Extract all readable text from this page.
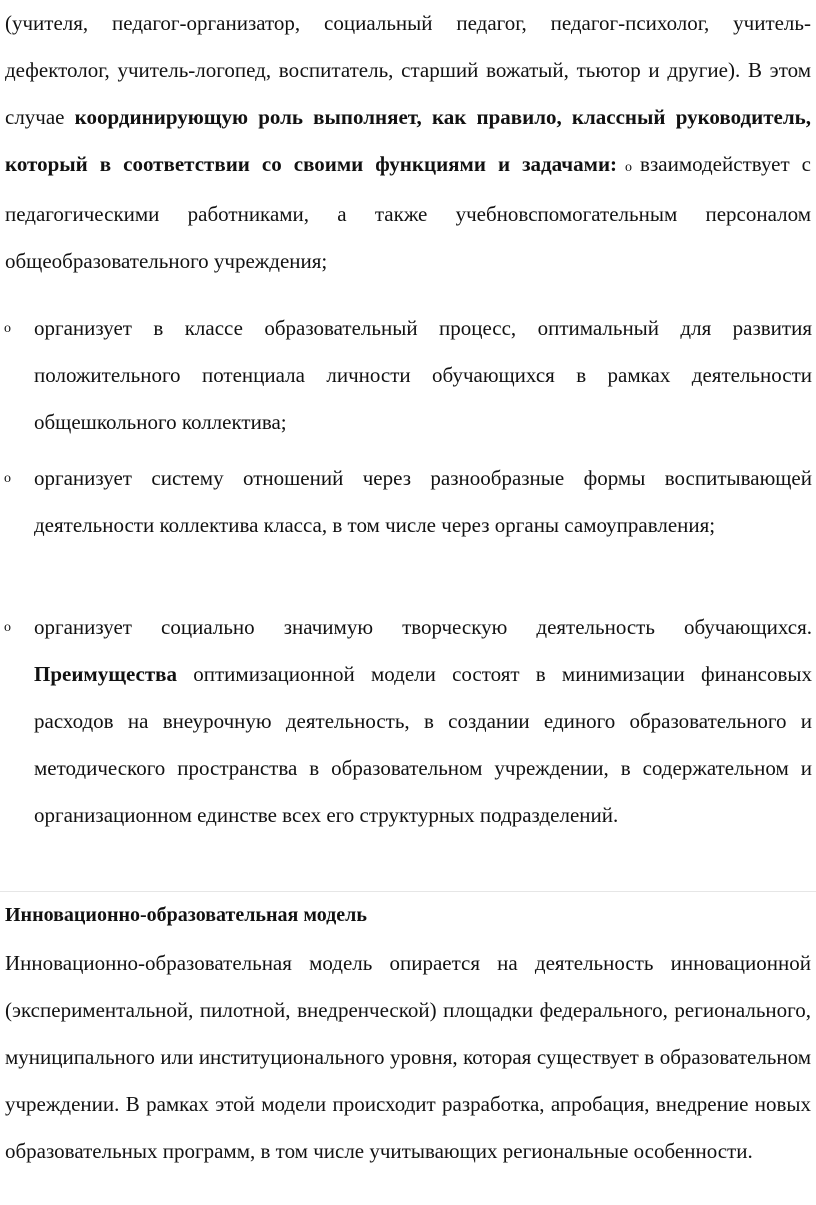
(учителя, педагог-организатор, социальный педагог, педагог-психолог, учитель-дефектолог, учитель-логопед, воспитатель, старший вожатый, тьютор и другие). В этом случае координирующую роль выполняет, как правило, классный руководитель, который в соответствии со своими функциями и задачами: o взаимодействует с педагогическими работниками, а также учебновспомогательным персоналом общеобразовательного учреждения;

o организует в классе образовательный процесс, оптимальный для развития положительного потенциала личности обучающихся в рамках деятельности общешкольного коллектива;
o организует систему отношений через разнообразные формы воспитывающей деятельности коллектива класса, в том числе через органы самоуправления;
o организует социально значимую творческую деятельность обучающихся. Преимущества оптимизационной модели состоят в минимизации финансовых расходов на внеурочную деятельность, в создании единого образовательного и методического пространства в образовательном учреждении, в содержательном и организационном единстве всех его структурных подразделений.
Инновационно-образовательная модель

Инновационно-образовательная модель опирается на деятельность инновационной (экспериментальной, пилотной, внедренческой) площадки федерального, регионального, муниципального или институционального уровня, которая существует в образовательном учреждении. В рамках этой модели происходит разработка, апробация, внедрение новых образовательных программ, в том числе учитывающих региональные особенности.
